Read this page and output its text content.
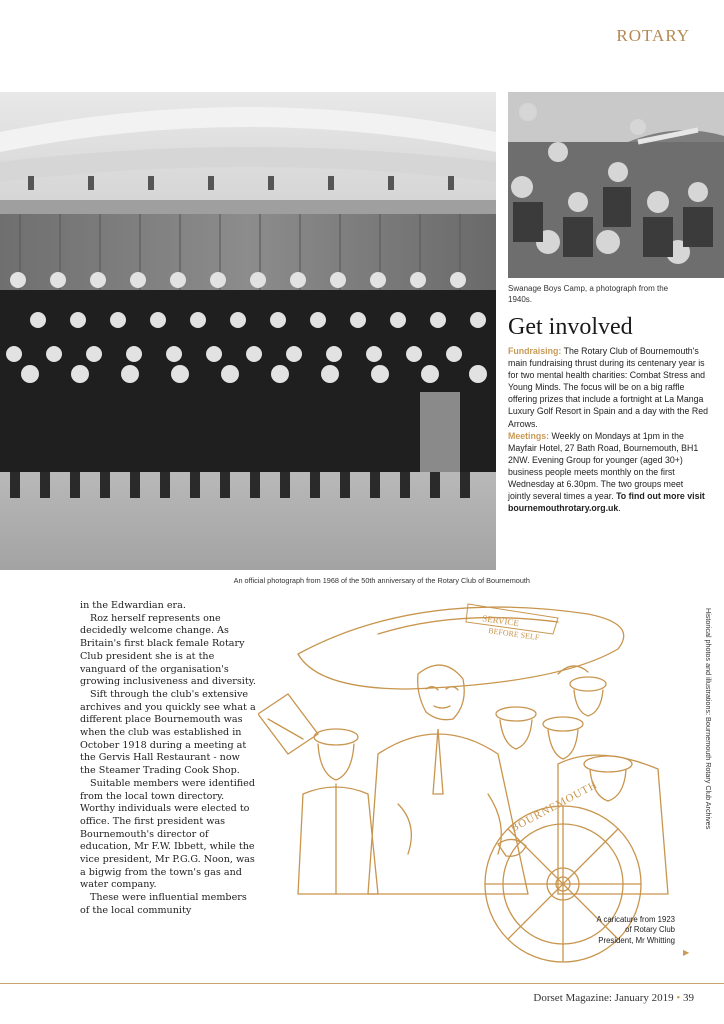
ROTARY
An official photograph from 1968 of the 50th anniversary of the Rotary Club of Bournemouth
Swanage Boys Camp, a photograph from the 1940s.
Get involved
Fundraising: The Rotary Club of Bournemouth's main fundraising thrust during its centenary year is for two mental health charities: Combat Stress and Young Minds. The focus will be on a big raffle offering prizes that include a fortnight at La Manga Luxury Golf Resort in Spain and a day with the Red Arrows.
Meetings: Weekly on Mondays at 1pm in the Mayfair Hotel, 27 Bath Road, Bournemouth, BH1 2NW. Evening Group for younger (aged 30+) business people meets monthly on the first Wednesday at 6.30pm. The two groups meet jointly several times a year. To find out more visit bournemouthrotary.org.uk.

in the Edwardian era.

Roz herself represents one decidedly welcome change. As Britain's first black female Rotary Club president she is at the vanguard of the organisation's growing inclusiveness and diversity.

Sift through the club's extensive archives and you quickly see what a different place Bournemouth was when the club was established in October 1918 during a meeting at the Gervis Hall Restaurant - now the Steamer Trading Cook Shop.

Suitable members were identified from the local town directory. Worthy individuals were elected to office. The first president was Bournemouth's director of education, Mr F.W. Ibbett, while the vice president, Mr P.G.G. Noon, was a bigwig from the town's gas and water company.

These were influential members of the local community

SERVICE
BEFORE SELF
BOURNEMOUTH
A caricature from 1923 of Rotary Club President, Mr Whitting
▶
Historical photos and illustrations: Bournemouth Rotary Club Archives
Dorset Magazine: January 2019 • 39
